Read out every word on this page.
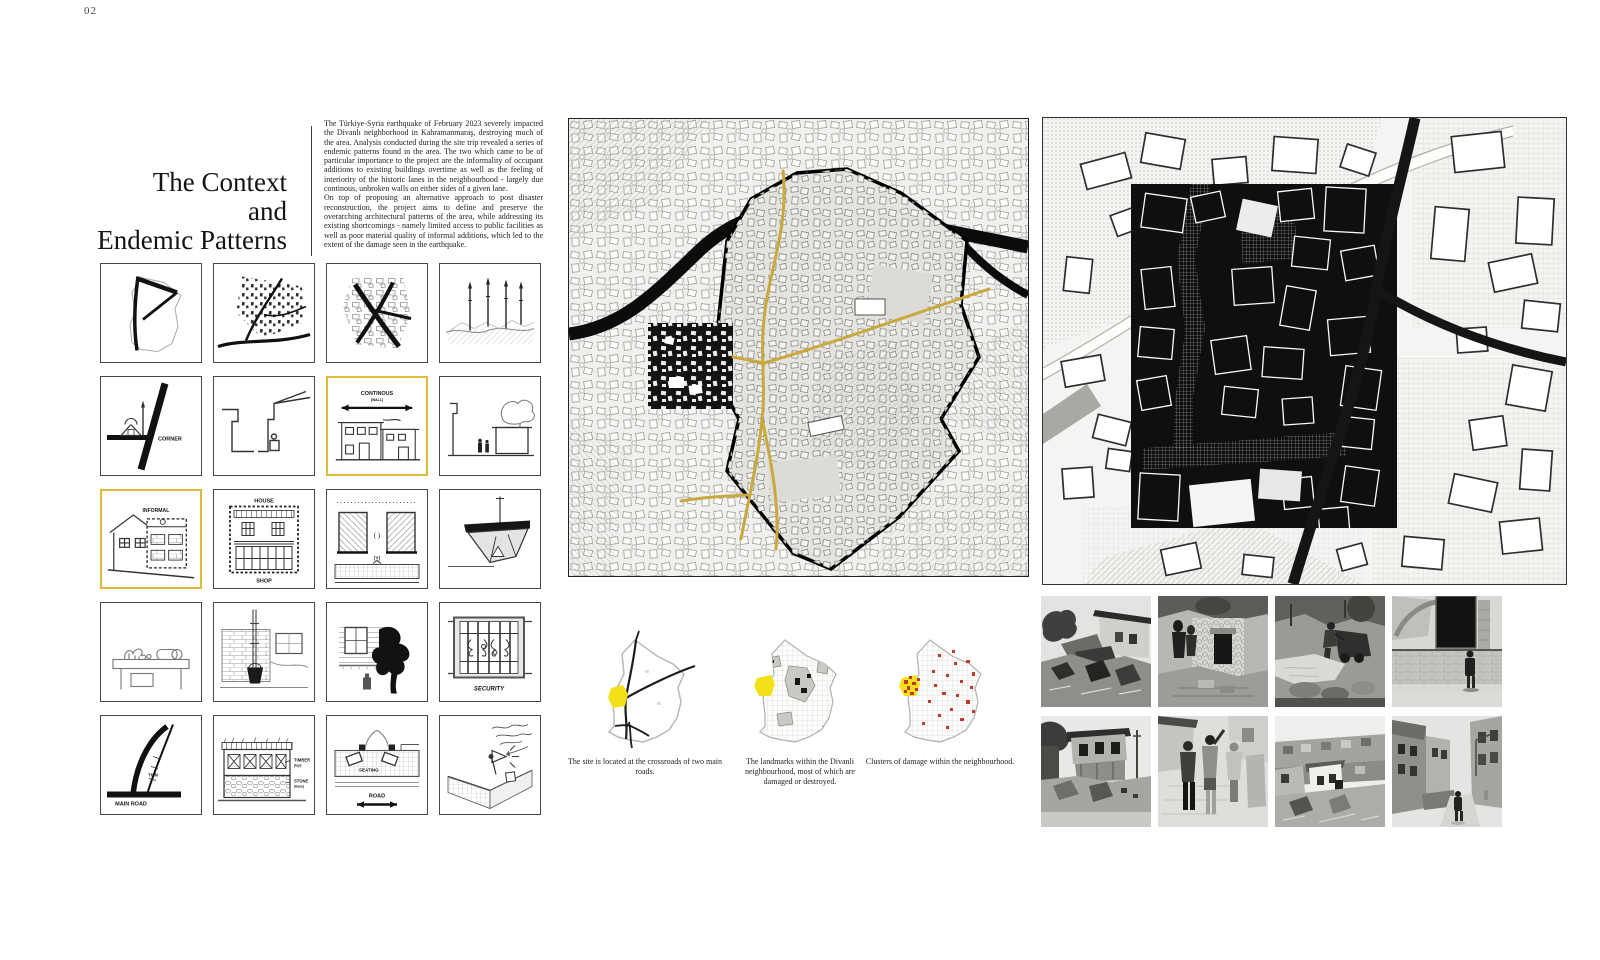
02
The Context
and
Endemic Patterns

The Türkiye-Syria earthquake of February 2023 severely impacted the Divanlı neighborhood in Kahramanmaraş, destroying much of the area. Analysis conducted during the site trip revealed a series of endemic patterns found in the area. The two which came to be of particular importance to the project are the informality of occupant additions to existing buildings overtime as well as the feeling of interiority of the historic lanes in the neighbourhood - largely due continous, unbroken walls on either sides of a given lane.

On top of proposing an alternative approach to post disaster reconstruction, the project aims to define and preserve the overarching architectural patterns of the area, while addressing its existing shortcomings - namely limited access to public facilities as well as poor material quality of informal additions, which led to the extent of the damage seen in the earthquake.

CORNER
CONTINOUS
[WALL]
INFORMAL
HOUSE
SHOP
( )
[Y]
SECURITY
THIN
MAIN ROAD
TIMBER
(top)
STONE
(base)
SEATING
ROAD
The site is located at the crossroads of two main roads.
The landmarks within the Divanli neighbourhood, most of which are damaged or destroyed.
Clusters of damage within the neighbourhood.
